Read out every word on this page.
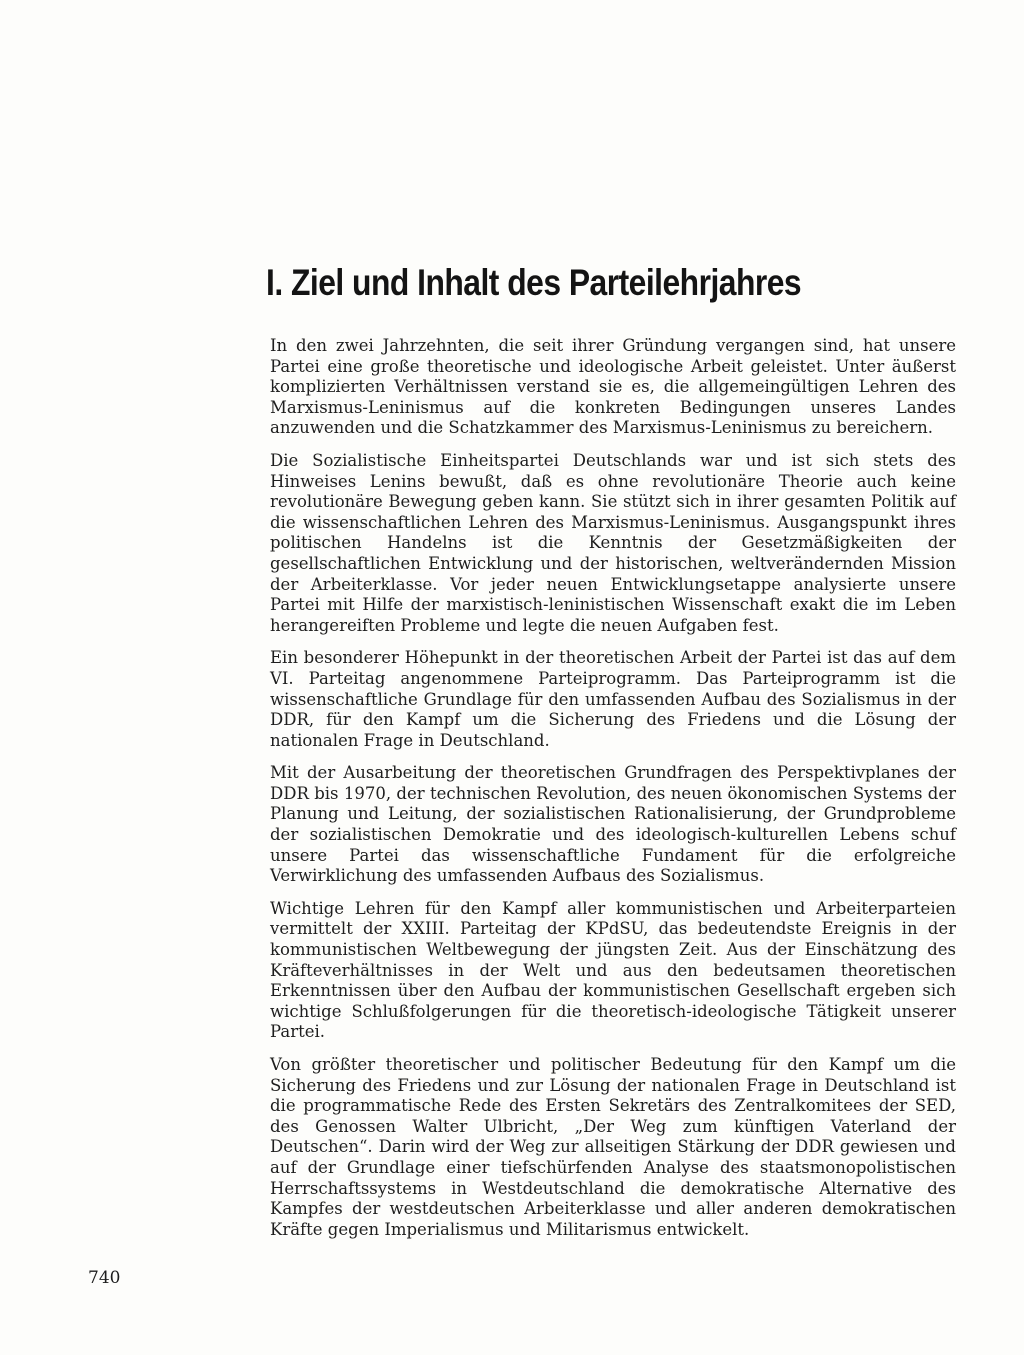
I. Ziel und Inhalt des Parteilehrjahres

In den zwei Jahrzehnten, die seit ihrer Gründung vergangen sind, hat unsere Partei eine große theoretische und ideologische Arbeit geleistet. Unter äußerst komplizierten Verhältnissen verstand sie es, die allgemeingültigen Lehren des Marxismus-Leninismus auf die konkreten Bedingungen unseres Landes anzuwenden und die Schatzkammer des Marxismus-Leninismus zu bereichern.

Die Sozialistische Einheitspartei Deutschlands war und ist sich stets des Hinweises Lenins bewußt, daß es ohne revolutionäre Theorie auch keine revolutionäre Bewegung geben kann. Sie stützt sich in ihrer gesamten Politik auf die wissenschaftlichen Lehren des Marxismus-Leninismus. Ausgangspunkt ihres politischen Handelns ist die Kenntnis der Gesetzmäßigkeiten der gesellschaftlichen Entwicklung und der historischen, weltverändernden Mission der Arbeiterklasse. Vor jeder neuen Entwicklungsetappe analysierte unsere Partei mit Hilfe der marxistisch-leninistischen Wissenschaft exakt die im Leben herangereiften Probleme und legte die neuen Aufgaben fest.

Ein besonderer Höhepunkt in der theoretischen Arbeit der Partei ist das auf dem VI. Parteitag angenommene Parteiprogramm. Das Parteiprogramm ist die wissenschaftliche Grundlage für den umfassenden Aufbau des Sozialismus in der DDR, für den Kampf um die Sicherung des Friedens und die Lösung der nationalen Frage in Deutschland.

Mit der Ausarbeitung der theoretischen Grundfragen des Perspektivplanes der DDR bis 1970, der technischen Revolution, des neuen ökonomischen Systems der Planung und Leitung, der sozialistischen Rationalisierung, der Grundprobleme der sozialistischen Demokratie und des ideologisch-kulturellen Lebens schuf unsere Partei das wissenschaftliche Fundament für die erfolgreiche Verwirklichung des umfassenden Aufbaus des Sozialismus.

Wichtige Lehren für den Kampf aller kommunistischen und Arbeiterparteien vermittelt der XXIII. Parteitag der KPdSU, das bedeutendste Ereignis in der kommunistischen Weltbewegung der jüngsten Zeit. Aus der Einschätzung des Kräfteverhältnisses in der Welt und aus den bedeutsamen theoretischen Erkenntnissen über den Aufbau der kommunistischen Gesellschaft ergeben sich wichtige Schlußfolgerungen für die theoretisch-ideologische Tätigkeit unserer Partei.

Von größter theoretischer und politischer Bedeutung für den Kampf um die Sicherung des Friedens und zur Lösung der nationalen Frage in Deutschland ist die programmatische Rede des Ersten Sekretärs des Zentralkomitees der SED, des Genossen Walter Ulbricht, „Der Weg zum künftigen Vaterland der Deutschen“. Darin wird der Weg zur allseitigen Stärkung der DDR gewiesen und auf der Grundlage einer tiefschürfenden Analyse des staatsmonopolistischen Herrschaftssystems in Westdeutschland die demokratische Alternative des Kampfes der westdeutschen Arbeiterklasse und aller anderen demokratischen Kräfte gegen Imperialismus und Militarismus entwickelt.

740
